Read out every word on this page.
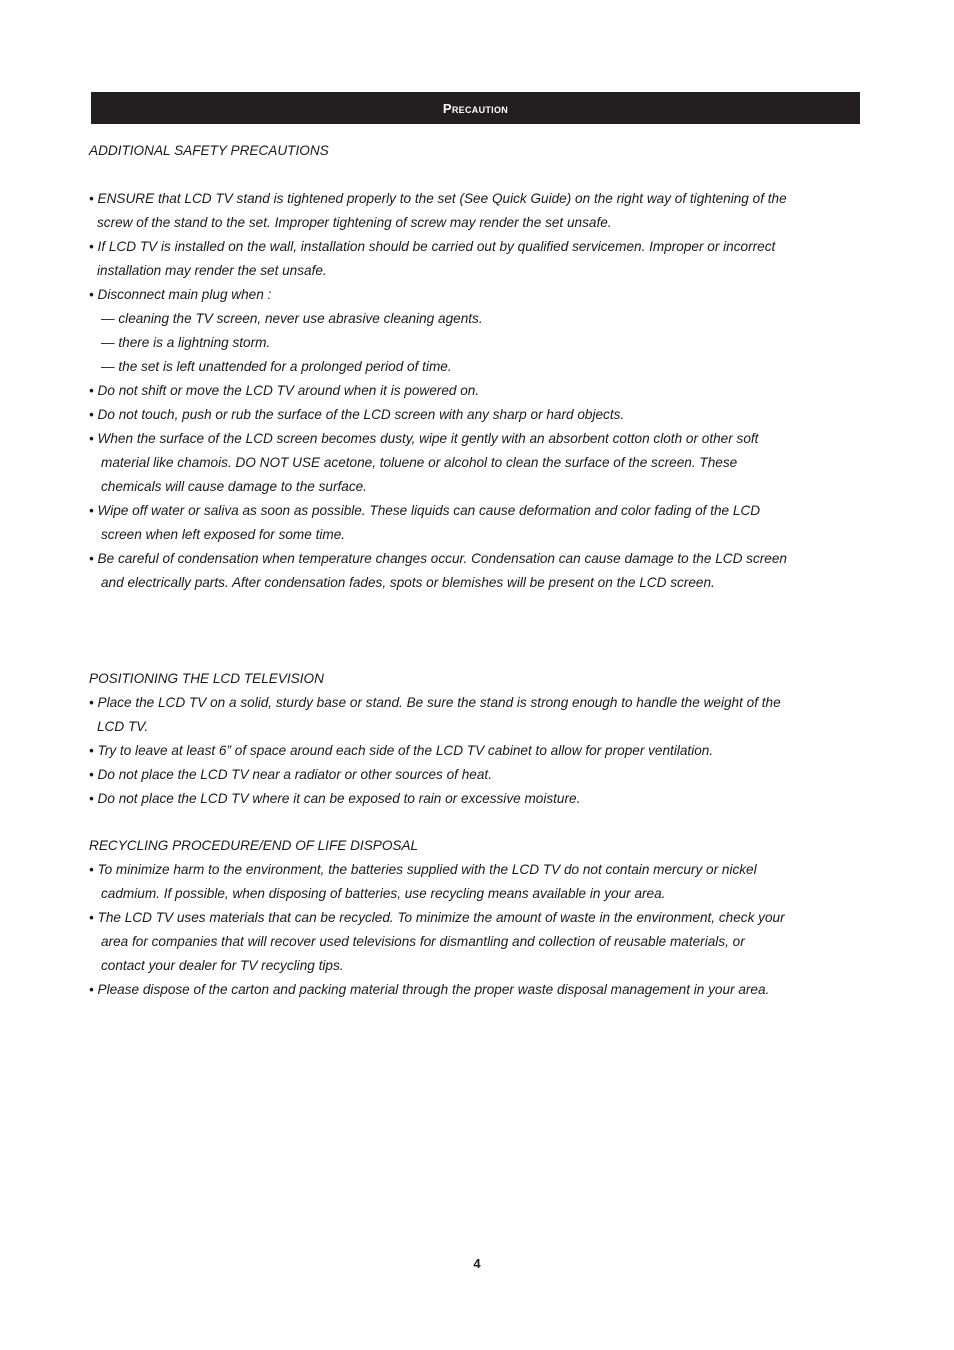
Precaution

ADDITIONAL SAFETY PRECAUTIONS

• ENSURE that LCD TV stand is tightened properly to the set (See Quick Guide) on the right way of tightening of the screw of the stand to the set. Improper tightening of screw may render the set unsafe.

• If LCD TV is installed on the wall, installation should be carried out by qualified servicemen. Improper or incorrect installation may render the set unsafe.

• Disconnect main plug when :

— cleaning the TV screen, never use abrasive cleaning agents.

— there is a lightning storm.

— the set is left unattended for a prolonged period of time.

• Do not shift or move the LCD TV around when it is powered on.

• Do not touch, push or rub the surface of the LCD screen with any sharp or hard objects.

• When the surface of the LCD screen becomes dusty, wipe it gently with an absorbent cotton cloth or other soft material like chamois. DO NOT USE acetone, toluene or alcohol to clean the surface of the screen. These chemicals will cause damage to the surface.

• Wipe off water or saliva as soon as possible. These liquids can cause deformation and color fading of the LCD screen when left exposed for some time.

• Be careful of condensation when temperature changes occur. Condensation can cause damage to the LCD screen and electrically parts. After condensation fades, spots or blemishes will be present on the LCD screen.

POSITIONING THE LCD TELEVISION

• Place the LCD TV on a solid, sturdy base or stand. Be sure the stand is strong enough to handle the weight of the LCD TV.

• Try to leave at least 6” of space around each side of the LCD TV cabinet to allow for proper ventilation.

• Do not place the LCD TV near a radiator or other sources of heat.

• Do not place the LCD TV where it can be exposed to rain or excessive moisture.

RECYCLING PROCEDURE/END OF LIFE DISPOSAL

• To minimize harm to the environment, the batteries supplied with the LCD TV do not contain mercury or nickel cadmium. If possible, when disposing of batteries, use recycling means available in your area.

• The LCD TV uses materials that can be recycled. To minimize the amount of waste in the environment, check your area for companies that will recover used televisions for dismantling and collection of reusable materials, or contact your dealer for TV recycling tips.

• Please dispose of the carton and packing material through the proper waste disposal management in your area.

4
